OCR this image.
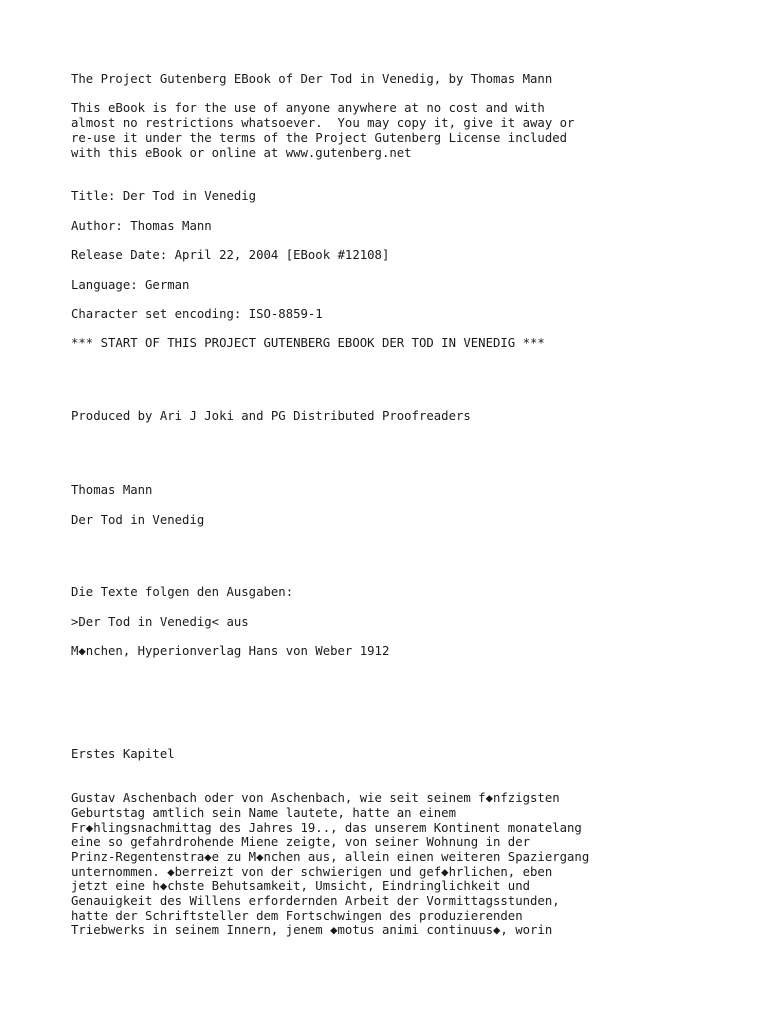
The Project Gutenberg EBook of Der Tod in Venedig, by Thomas Mann

This eBook is for the use of anyone anywhere at no cost and with

almost no restrictions whatsoever.  You may copy it, give it away or

re-use it under the terms of the Project Gutenberg License included

with this eBook or online at www.gutenberg.net

Title: Der Tod in Venedig

Author: Thomas Mann

Release Date: April 22, 2004 [EBook #12108]

Language: German

Character set encoding: ISO-8859-1

*** START OF THIS PROJECT GUTENBERG EBOOK DER TOD IN VENEDIG ***

Produced by Ari J Joki and PG Distributed Proofreaders

Thomas Mann

Der Tod in Venedig

Die Texte folgen den Ausgaben:

>Der Tod in Venedig< aus

M◆nchen, Hyperionverlag Hans von Weber 1912

Erstes Kapitel

Gustav Aschenbach oder von Aschenbach, wie seit seinem f◆nfzigsten

Geburtstag amtlich sein Name lautete, hatte an einem

Fr◆hlingsnachmittag des Jahres 19.., das unserem Kontinent monatelang

eine so gefahrdrohende Miene zeigte, von seiner Wohnung in der

Prinz-Regentenstra◆e zu M◆nchen aus, allein einen weiteren Spaziergang

unternommen. ◆berreizt von der schwierigen und gef◆hrlichen, eben

jetzt eine h◆chste Behutsamkeit, Umsicht, Eindringlichkeit und

Genauigkeit des Willens erfordernden Arbeit der Vormittagsstunden,

hatte der Schriftsteller dem Fortschwingen des produzierenden

Triebwerks in seinem Innern, jenem ◆motus animi continuus◆, worin
